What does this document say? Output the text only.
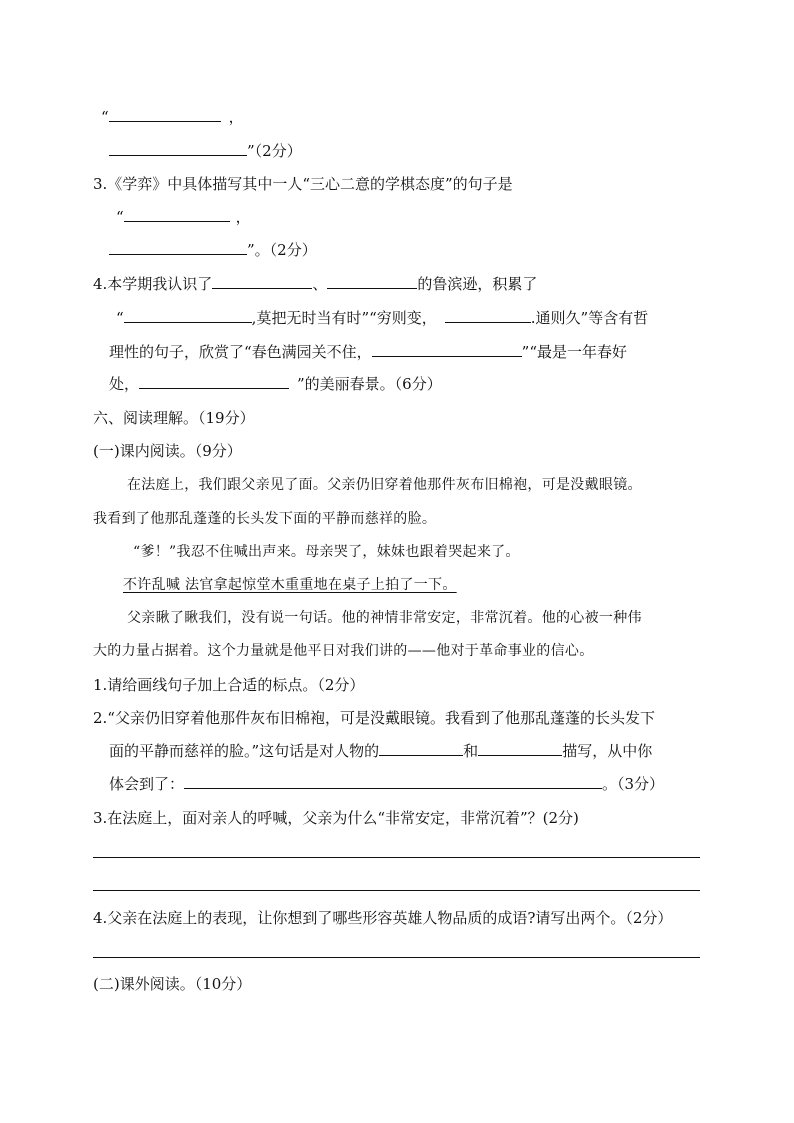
“	，
”（2分）
3.《学弈》中具体描写其中一人“三心二意的学棋态度”的句子是
“	，
”。（2分）
4.本学期我认识了	、	的鲁滨逊，积累了
“	,莫把无时当有时”“穷则变，	.通则久”等含有哲
理性的句子，欣赏了“春色满园关不住，	”“最是一年春好
处，	”的美丽春景。（6分）
六、阅读理解。（19分）
(一)课内阅读。（9分）
在法庭上，我们跟父亲见了面。父亲仍旧穿着他那件灰布旧棉袍，可是没戴眼镜。
我看到了他那乱蓬蓬的长头发下面的平静而慈祥的脸。
“爹！”我忍不住喊出声来。母亲哭了，妹妹也跟着哭起来了。
不许乱喊 法官拿起惊堂木重重地在桌子上拍了一下。
父亲瞅了瞅我们，没有说一句话。他的神情非常安定，非常沉着。他的心被一种伟
大的力量占据着。这个力量就是他平日对我们讲的——他对于革命事业的信心。
1.请给画线句子加上合适的标点。（2分）
2.“父亲仍旧穿着他那件灰布旧棉袍，可是没戴眼镜。我看到了他那乱蓬蓬的长头发下
面的平静而慈祥的脸。”这句话是对人物的	和	描写，从中你
体会到了：	。（3分）
3.在法庭上，面对亲人的呼喊，父亲为什么“非常安定，非常沉着”？(2分)
4.父亲在法庭上的表现，让你想到了哪些形容英雄人物品质的成语?请写出两个。（2分）
(二)课外阅读。（10分）
